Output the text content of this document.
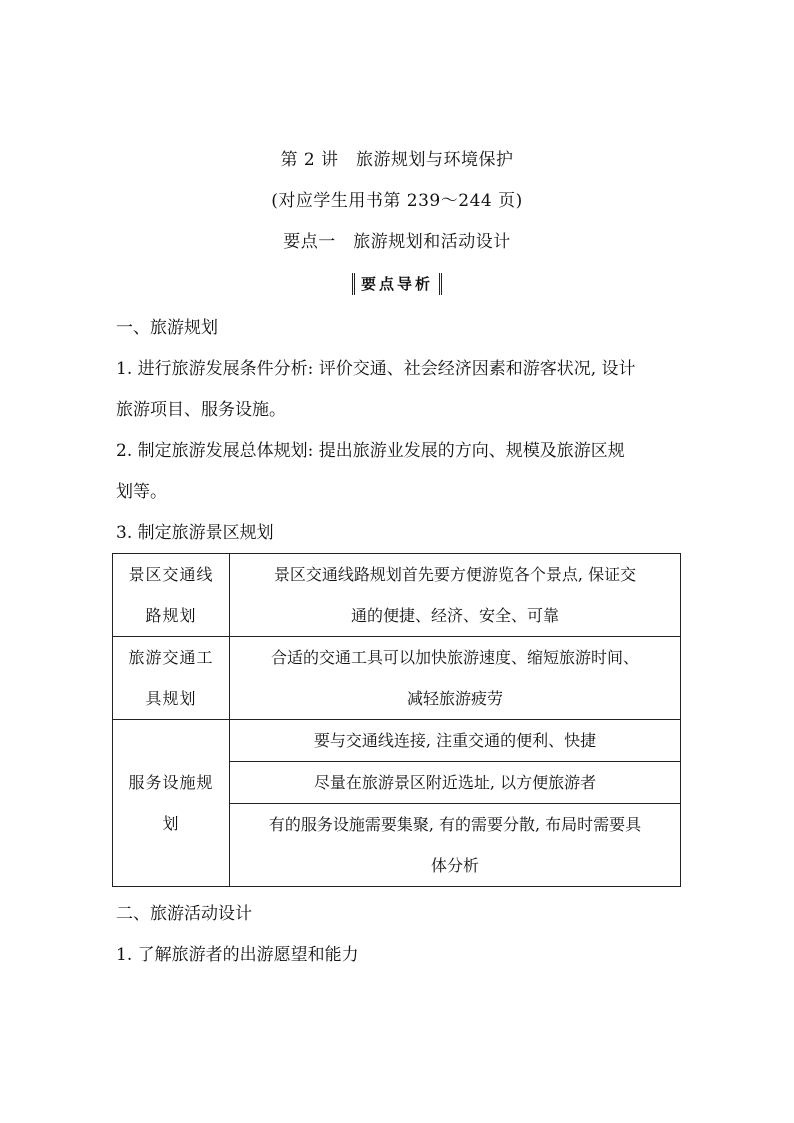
第 2 讲　旅游规划与环境保护
(对应学生用书第 239～244 页)
要点一　旅游规划和活动设计
要点导析
一、旅游规划
1. 进行旅游发展条件分析: 评价交通、社会经济因素和游客状况, 设计
旅游项目、服务设施。
2. 制定旅游发展总体规划: 提出旅游业发展的方向、规模及旅游区规
划等。
3. 制定旅游景区规划
景区交通线
路规划	景区交通线路规划首先要方便游览各个景点, 保证交
通的便捷、经济、安全、可靠

旅游交通工
具规划	合适的交通工具可以加快旅游速度、缩短旅游时间、
减轻旅游疲劳

服务设施规
划	要与交通线连接, 注重交通的便利、快捷

	尽量在旅游景区附近选址, 以方便旅游者

	有的服务设施需要集聚, 有的需要分散, 布局时需要具
体分析
二、旅游活动设计
1. 了解旅游者的出游愿望和能力
